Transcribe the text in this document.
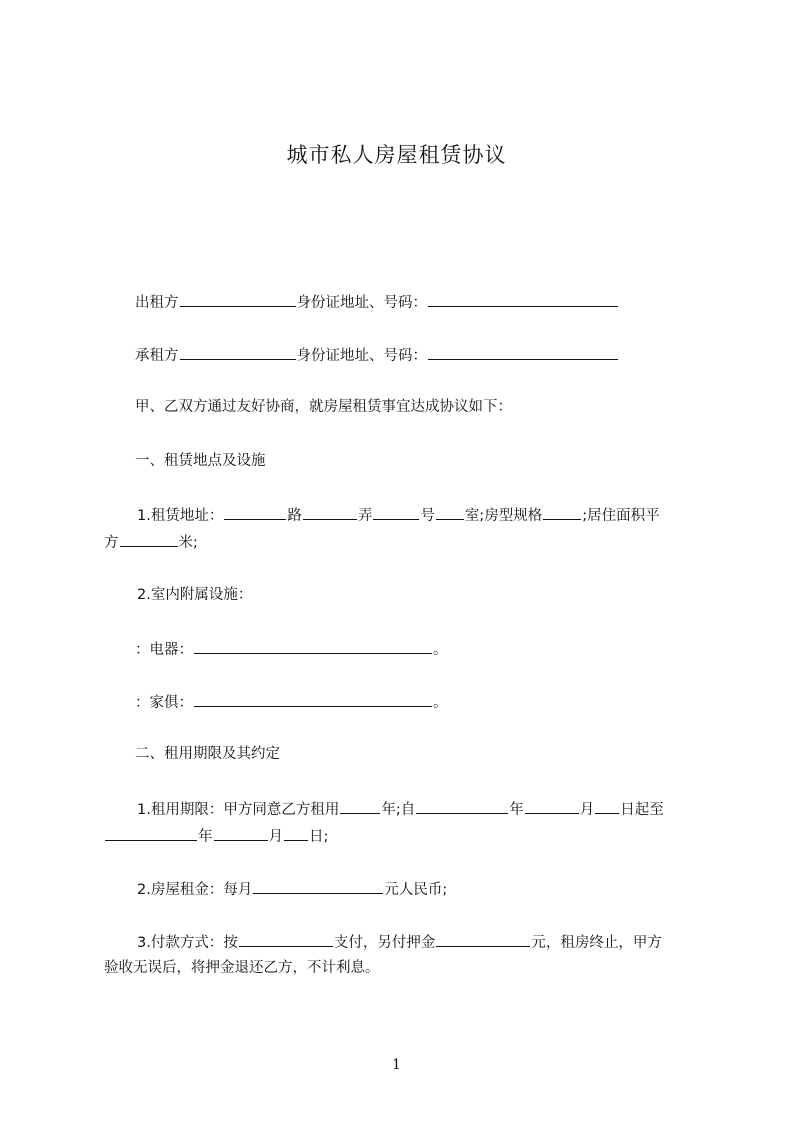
城市私人房屋租赁协议

出租方	身份证地址、号码：

承租方	身份证地址、号码：

甲、乙双方通过友好协商，就房屋租赁事宜达成协议如下：

一、租赁地点及设施

1.租赁地址：	路	弄	号 室;房型规格	;居住面积平

方	米;

2.室内附属设施：

：电器：	。

：家俱：	。

二、租用期限及其约定

1.租用期限：甲方同意乙方租用	年;自	年	月 日起至

年	月 日;

2.房屋租金：每月	元人民币;

3.付款方式：按	支付，另付押金	元，租房终止，甲方

验收无误后，将押金退还乙方，不计利息。

1
